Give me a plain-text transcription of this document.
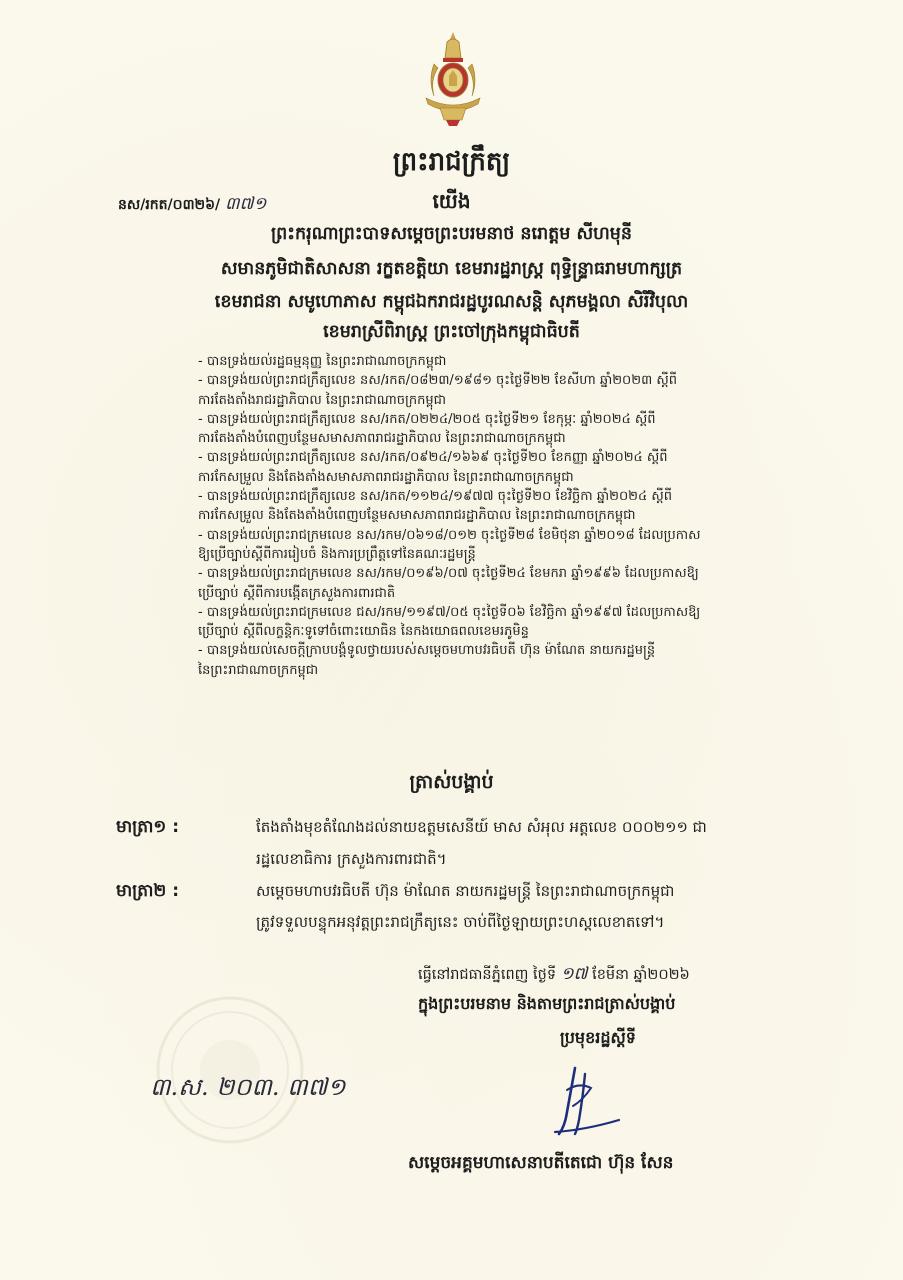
ព្រះរាជក្រឹត្យ
នស/រកត/០៣២៦/ ៣៧១	យើង
ព្រះករុណាព្រះបាទសម្តេចព្រះបរមនាថ នរោត្តម សីហមុនី
សមានភូមិជាតិសាសនា រក្ខតខត្តិយា ខេមរារដ្ឋរាស្ត្រ ពុទ្ធិន្ទ្រាធរាមហាក្សត្រ
ខេមរាជនា សមូហោភាស កម្ពុជឯករាជរដ្ឋបូរណសន្តិ សុភមង្គលា សិរីវិបុលា
ខេមរាស្រីពិរាស្ត្រ ព្រះចៅក្រុងកម្ពុជាធិបតី
- បានទ្រង់យល់រដ្ឋធម្មនុញ្ញ នៃព្រះរាជាណាចក្រកម្ពុជា
- បានទ្រង់យល់ព្រះរាជក្រឹត្យលេខ នស/រកត/០៨២៣/១៩៨១ ចុះថ្ងៃទី២២ ខែសីហា ឆ្នាំ២០២៣ ស្តីពី
ការតែងតាំងរាជរដ្ឋាភិបាល នៃព្រះរាជាណាចក្រកម្ពុជា
- បានទ្រង់យល់ព្រះរាជក្រឹត្យលេខ នស/រកត/០២២៤/២០៥ ចុះថ្ងៃទី២១ ខែកុម្ភៈ ឆ្នាំ២០២៤ ស្តីពី
ការតែងតាំងបំពេញបន្ថែមសមាសភាពរាជរដ្ឋាភិបាល នៃព្រះរាជាណាចក្រកម្ពុជា
- បានទ្រង់យល់ព្រះរាជក្រឹត្យលេខ នស/រកត/០៩២៤/១៦៦៩ ចុះថ្ងៃទី២០ ខែកញ្ញា ឆ្នាំ២០២៤ ស្តីពី
ការកែសម្រួល និងតែងតាំងសមាសភាពរាជរដ្ឋាភិបាល នៃព្រះរាជាណាចក្រកម្ពុជា
- បានទ្រង់យល់ព្រះរាជក្រឹត្យលេខ នស/រកត/១១២៤/១៩៧៧ ចុះថ្ងៃទី២០ ខែវិច្ឆិកា ឆ្នាំ២០២៤ ស្តីពី
ការកែសម្រួល និងតែងតាំងបំពេញបន្ថែមសមាសភាពរាជរដ្ឋាភិបាល នៃព្រះរាជាណាចក្រកម្ពុជា
- បានទ្រង់យល់ព្រះរាជក្រមលេខ នស/រកម/០៦១៨/០១២ ចុះថ្ងៃទី២៨ ខែមិថុនា ឆ្នាំ២០១៨ ដែលប្រកាស
ឱ្យប្រើច្បាប់ស្តីពីការរៀបចំ និងការប្រព្រឹត្តទៅនៃគណៈរដ្ឋមន្ត្រី
- បានទ្រង់យល់ព្រះរាជក្រមលេខ នស/រកម/០១៩៦/០៧ ចុះថ្ងៃទី២៤ ខែមករា ឆ្នាំ១៩៩៦ ដែលប្រកាសឱ្យ
ប្រើច្បាប់ ស្តីពីការបង្កើតក្រសួងការពារជាតិ
- បានទ្រង់យល់ព្រះរាជក្រមលេខ ជស/រកម/១១៩៧/០៥ ចុះថ្ងៃទី០៦ ខែវិច្ឆិកា ឆ្នាំ១៩៩៧ ដែលប្រកាសឱ្យ
ប្រើច្បាប់ ស្តីពីលក្ខន្តិកៈទូទៅចំពោះយោធិន នៃកងយោធពលខេមរភូមិន្ទ
- បានទ្រង់យល់សេចក្តីក្រាបបង្គំទូលថ្វាយរបស់សម្តេចមហាបវរធិបតី ហ៊ុន ម៉ាណែត នាយករដ្ឋមន្ត្រី
នៃព្រះរាជាណាចក្រកម្ពុជា
ត្រាស់បង្គាប់
មាត្រា១ :	តែងតាំងមុខតំណែងដល់នាយឧត្តមសេនីយ៍ មាស សំអុល អត្តលេខ ០០០២១១ ជា
រដ្ឋលេខាធិការ ក្រសួងការពារជាតិ។
មាត្រា២ :	សម្តេចមហាបវរធិបតី ហ៊ុន ម៉ាណែត នាយករដ្ឋមន្ត្រី នៃព្រះរាជាណាចក្រកម្ពុជា
ត្រូវទទួលបន្ទុកអនុវត្តព្រះរាជក្រឹត្យនេះ ចាប់ពីថ្ងៃឡាយព្រះហស្តលេខាតទៅ។
ធ្វើនៅរាជធានីភ្នំពេញ ថ្ងៃទី ១៧ ខែមីនា ឆ្នាំ២០២៦
ក្នុងព្រះបរមនាម និងតាមព្រះរាជត្រាស់បង្គាប់
ប្រមុខរដ្ឋស្តីទី
៣.ស. ២០៣. ៣៧១
សម្តេចអគ្គមហាសេនាបតីតេជោ ហ៊ុន សែន
